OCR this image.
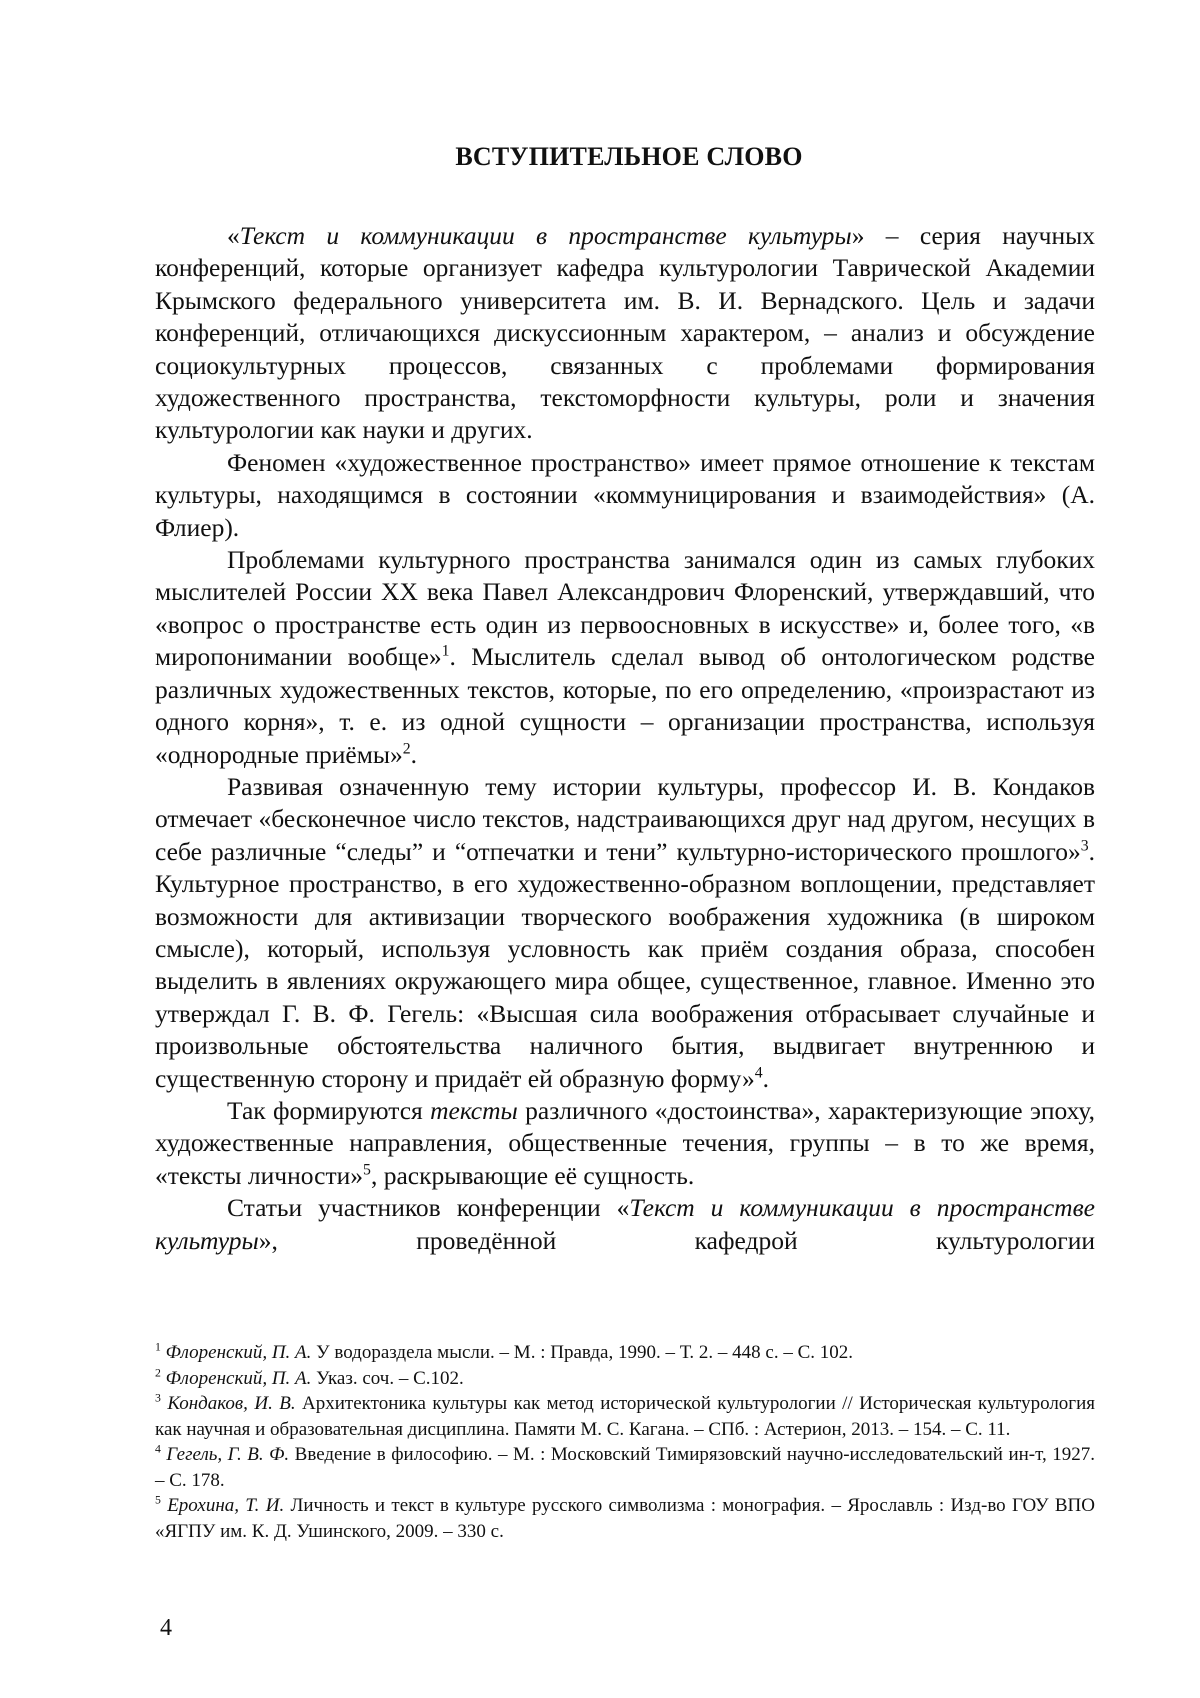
ВСТУПИТЕЛЬНОЕ СЛОВО

«Текст и коммуникации в пространстве культуры» – серия научных конференций, которые организует кафедра культурологии Таврической Академии Крымского федерального университета им. В. И. Вернадского. Цель и задачи конференций, отличающихся дискуссионным характером, – анализ и обсуждение социокультурных процессов, связанных с проблемами формирования художественного пространства, текстоморфности культуры, роли и значения культурологии как науки и других.

Феномен «художественное пространство» имеет прямое отношение к текстам культуры, находящимся в состоянии «коммуницирования и взаимодействия» (А. Флиер).

Проблемами культурного пространства занимался один из самых глубоких мыслителей России XX века Павел Александрович Флоренский, утверждавший, что «вопрос о пространстве есть один из первоосновных в искусстве» и, более того, «в миропонимании вообще»$^1$. Мыслитель сделал вывод об онтологическом родстве различных художественных текстов, которые, по его определению, «произрастают из одного корня», т. е. из одной сущности – организации пространства, используя «однородные приёмы»$^2$.

Развивая означенную тему истории культуры, профессор И. В. Кондаков отмечает «бесконечное число текстов, надстраивающихся друг над другом, несущих в себе различные “следы” и “отпечатки и тени” культурно-исторического прошлого»$^3$. Культурное пространство, в его художественно-образном воплощении, представляет возможности для активизации творческого воображения художника (в широком смысле), который, используя условность как приём создания образа, способен выделить в явлениях окружающего мира общее, существенное, главное. Именно это утверждал Г. В. Ф. Гегель: «Высшая сила воображения отбрасывает случайные и произвольные обстоятельства наличного бытия, выдвигает внутреннюю и существенную сторону и придаёт ей образную форму»$^4$.

Так формируются тексты различного «достоинства», характеризующие эпоху, художественные направления, общественные течения, группы – в то же время, «тексты личности»$^5$, раскрывающие её сущность.

Статьи участников конференции «Текст и коммуникации в пространстве культуры», проведённой кафедрой культурологии

$^1$ Флоренский, П. А. У водораздела мысли. – М. : Правда, 1990. – Т. 2. – 448 с. – С. 102.

$^2$ Флоренский, П. А. Указ. соч. – С.102.

$^3$ Кондаков, И. В. Архитектоника культуры как метод исторической культурологии // Историческая культурология как научная и образовательная дисциплина. Памяти М. С. Кагана. – СПб. : Астерион, 2013. – 154. – С. 11.

$^4$ Гегель, Г. В. Ф. Введение в философию. – М. : Московский Тимирязовский научно-исследовательский ин-т, 1927. – С. 178.

$^5$ Ерохина, Т. И. Личность и текст в культуре русского символизма : монография. – Ярославль : Изд-во ГОУ ВПО «ЯГПУ им. К. Д. Ушинского, 2009. – 330 с.

4
